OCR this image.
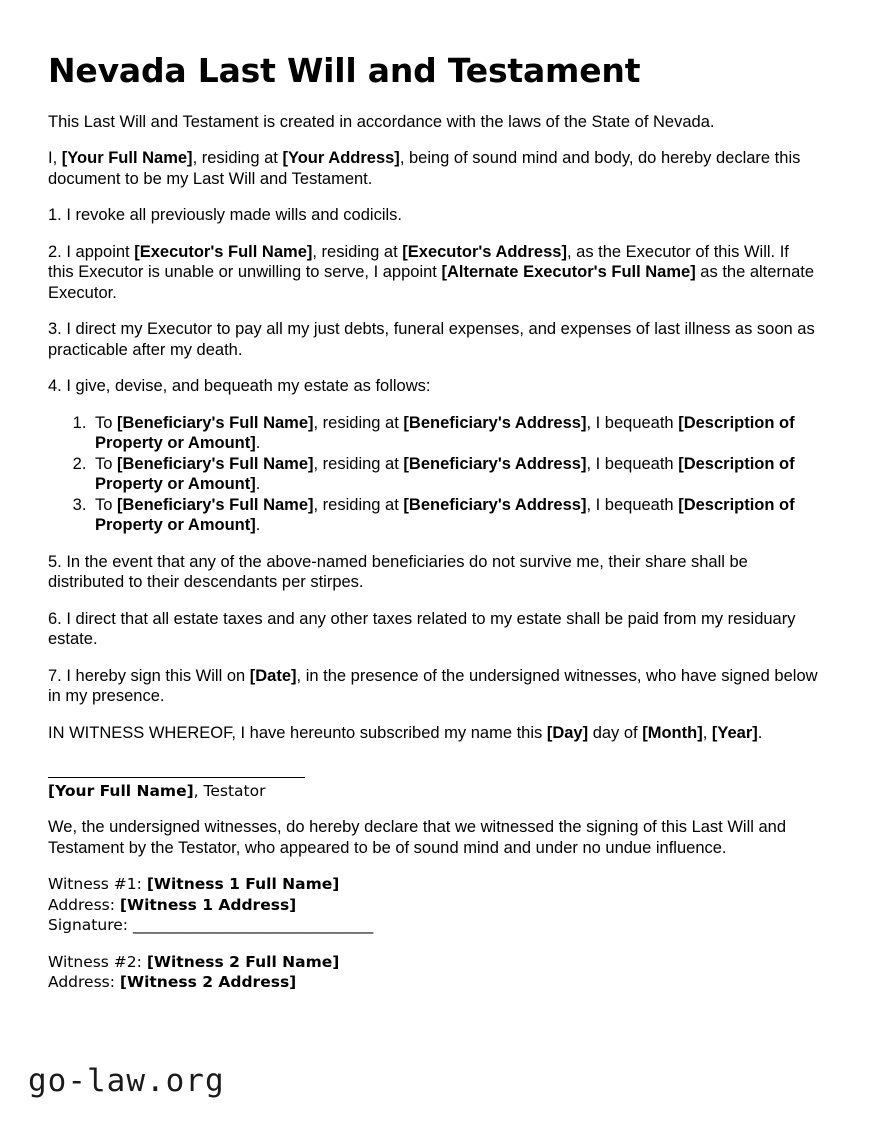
Nevada Last Will and Testament

This Last Will and Testament is created in accordance with the laws of the State of Nevada.

I, [Your Full Name], residing at [Your Address], being of sound mind and body, do hereby declare this document to be my Last Will and Testament.

1. I revoke all previously made wills and codicils.

2. I appoint [Executor's Full Name], residing at [Executor's Address], as the Executor of this Will. If this Executor is unable or unwilling to serve, I appoint [Alternate Executor's Full Name] as the alternate Executor.

3. I direct my Executor to pay all my just debts, funeral expenses, and expenses of last illness as soon as practicable after my death.

4. I give, devise, and bequeath my estate as follows:

1. To [Beneficiary's Full Name], residing at [Beneficiary's Address], I bequeath [Description of Property or Amount].
2. To [Beneficiary's Full Name], residing at [Beneficiary's Address], I bequeath [Description of Property or Amount].
3. To [Beneficiary's Full Name], residing at [Beneficiary's Address], I bequeath [Description of Property or Amount].

5. In the event that any of the above-named beneficiaries do not survive me, their share shall be distributed to their descendants per stirpes.

6. I direct that all estate taxes and any other taxes related to my estate shall be paid from my residuary estate.

7. I hereby sign this Will on [Date], in the presence of the undersigned witnesses, who have signed below in my presence.

IN WITNESS WHEREOF, I have hereunto subscribed my name this [Day] day of [Month], [Year].

[Your Full Name], Testator

We, the undersigned witnesses, do hereby declare that we witnessed the signing of this Last Will and Testament by the Testator, who appeared to be of sound mind and under no undue influence.

Witness #1: [Witness 1 Full Name]
Address: [Witness 1 Address]
Signature: _______________________________
Witness #2: [Witness 2 Full Name]
Address: [Witness 2 Address]
go-law.org
